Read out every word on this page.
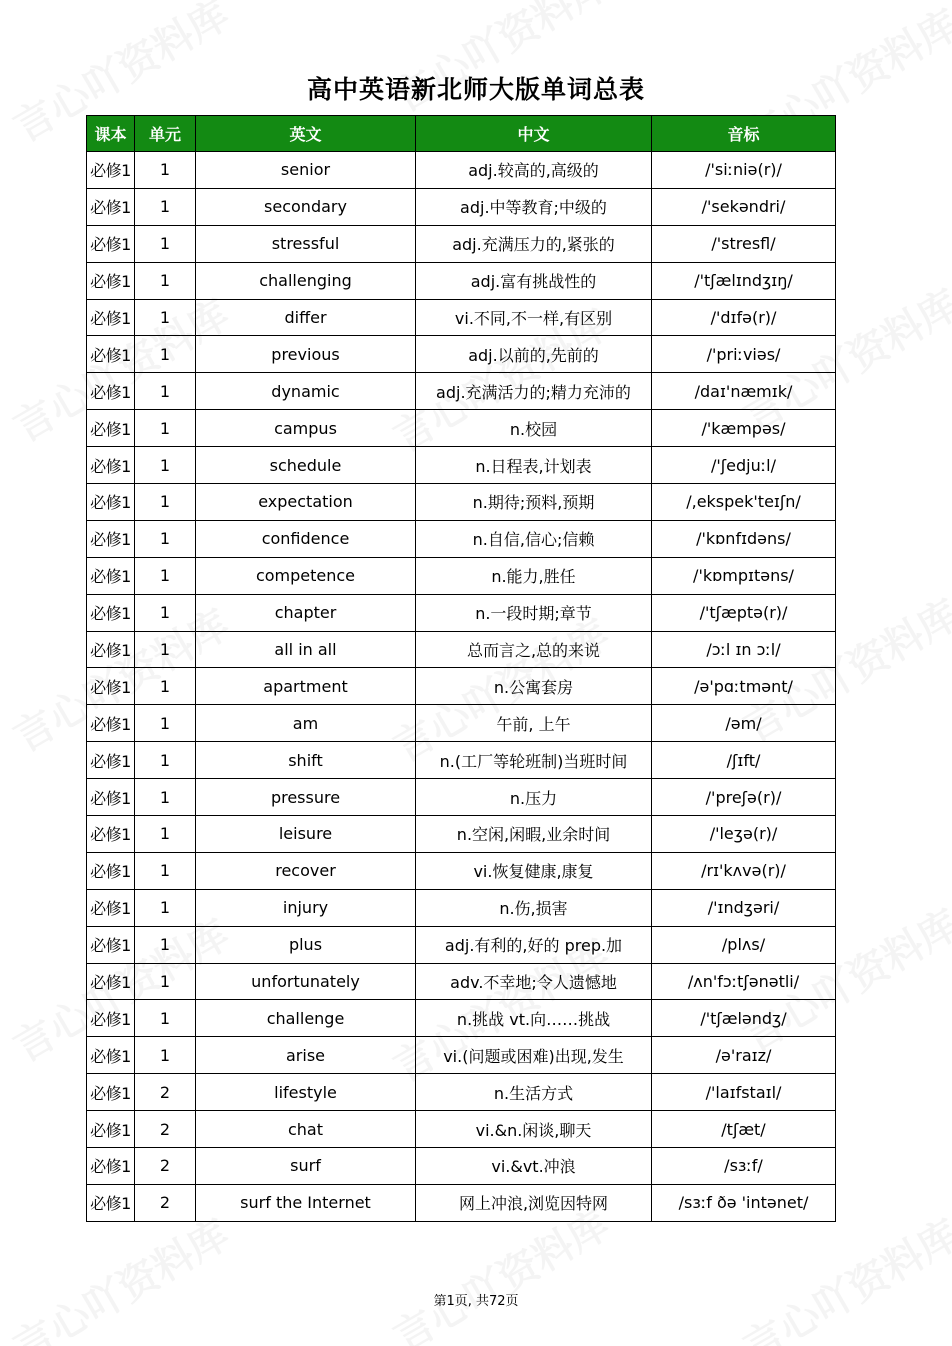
高中英语新北师大版单词总表
课本	单元	英文	中文	音标
必修1	1	senior	adj.较高的,高级的	/'siːniə(r)/
必修1	1	secondary	adj.中等教育;中级的	/'sekəndri/
必修1	1	stressful	adj.充满压力的,紧张的	/'stresfl/
必修1	1	challenging	adj.富有挑战性的	/'tʃælɪndʒɪŋ/
必修1	1	differ	vi.不同,不一样,有区别	/'dɪfə(r)/
必修1	1	previous	adj.以前的,先前的	/'priːviəs/
必修1	1	dynamic	adj.充满活力的;精力充沛的	/daɪ'næmɪk/
必修1	1	campus	n.校园	/'kæmpəs/
必修1	1	schedule	n.日程表,计划表	/'ʃedjuːl/
必修1	1	expectation	n.期待;预料,预期	/,ekspek'teɪʃn/
必修1	1	confidence	n.自信,信心;信赖	/'kɒnfɪdəns/
必修1	1	competence	n.能力,胜任	/'kɒmpɪtəns/
必修1	1	chapter	n.一段时期;章节	/'tʃæptə(r)/
必修1	1	all in all	总而言之,总的来说	/ɔːl ɪn ɔːl/
必修1	1	apartment	n.公寓套房	/ə'pɑːtmənt/
必修1	1	am	午前, 上午	/əm/
必修1	1	shift	n.(工厂等轮班制)当班时间	/ʃɪft/
必修1	1	pressure	n.压力	/'preʃə(r)/
必修1	1	leisure	n.空闲,闲暇,业余时间	/'leʒə(r)/
必修1	1	recover	vi.恢复健康,康复	/rɪ'kʌvə(r)/
必修1	1	injury	n.伤,损害	/'ɪndʒəri/
必修1	1	plus	adj.有利的,好的 prep.加	/plʌs/
必修1	1	unfortunately	adv.不幸地;令人遗憾地	/ʌn'fɔːtʃənətli/
必修1	1	challenge	n.挑战 vt.向……挑战	/'tʃæləndʒ/
必修1	1	arise	vi.(问题或困难)出现,发生	/ə'raɪz/
必修1	2	lifestyle	n.生活方式	/'laɪfstaɪl/
必修1	2	chat	vi.&n.闲谈,聊天	/tʃæt/
必修1	2	surf	vi.&vt.冲浪	/sɜːf/
必修1	2	surf the Internet	网上冲浪,浏览因特网	/sɜːf ðə 'intənet/
第1页, 共72页
